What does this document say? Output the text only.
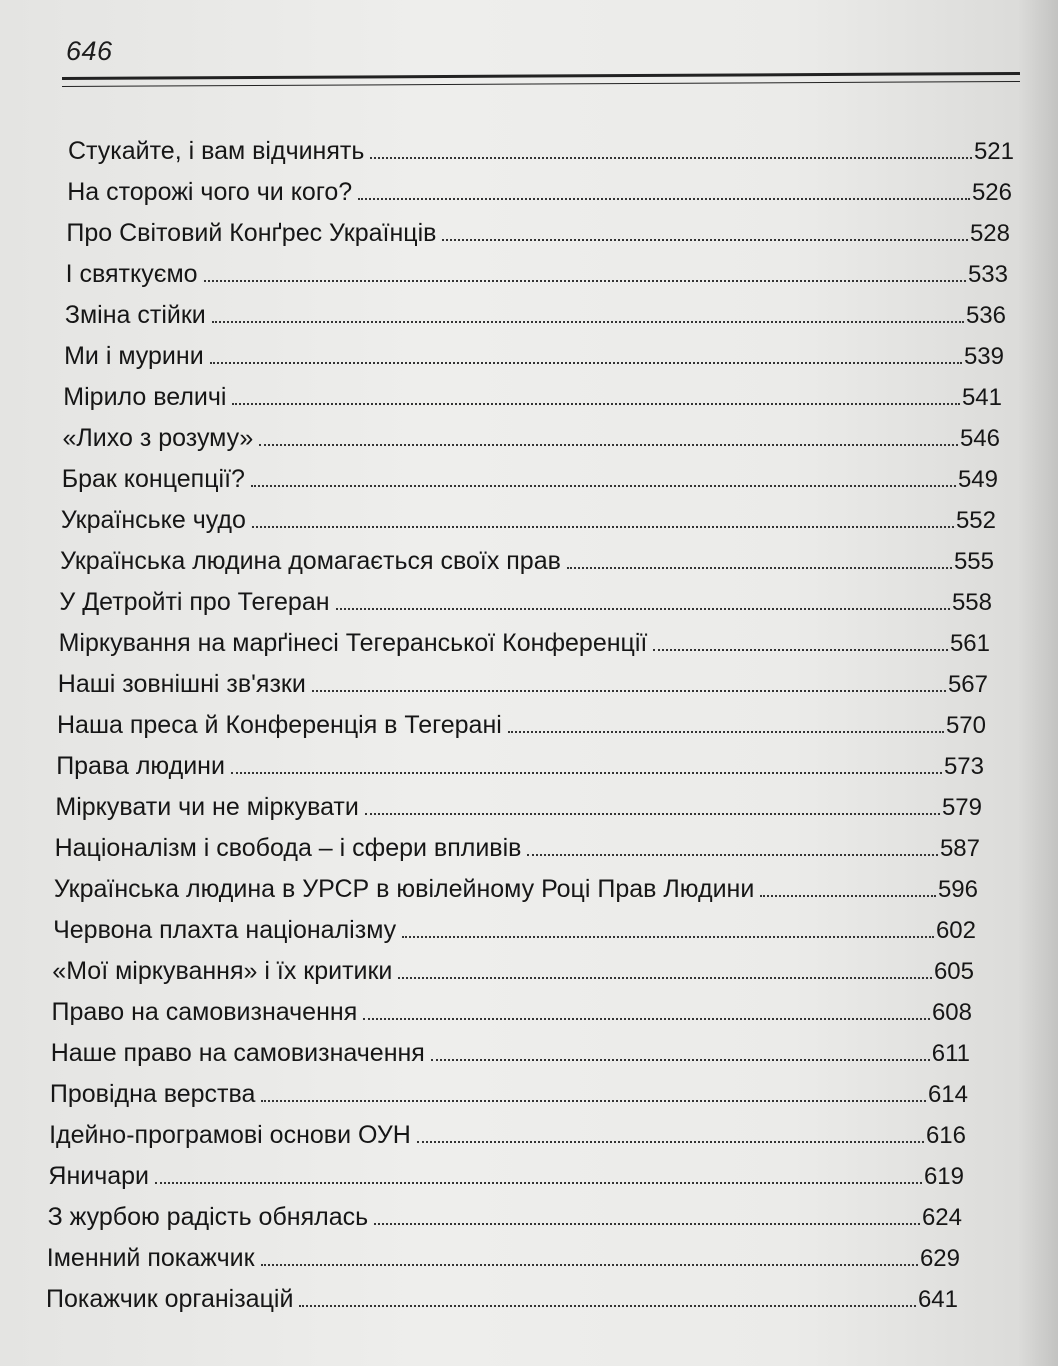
646
Стукайте, і вам відчинять	521
На сторожі чого чи кого?	526
Про Світовий Конґрес Українців	528
І святкуємо	533
Зміна стійки	536
Ми і мурини	539
Мірило величі	541
«Лихо з розуму»	546
Брак концепції?	549
Українське чудо	552
Українська людина домагається своїх прав	555
У Детройті про Тегеран	558
Міркування на марґінесі Тегеранської Конференції	561
Наші зовнішні зв'язки	567
Наша преса й Конференція в Тегерані	570
Права людини	573
Міркувати чи не міркувати	579
Націоналізм і свобода – і сфери впливів	587
Українська людина в УРСР в ювілейному Році Прав Людини	596
Червона плахта націоналізму	602
«Мої міркування» і їх критики	605
Право на самовизначення	608
Наше право на самовизначення	611
Провідна верства	614
Ідейно-програмові основи ОУН	616
Яничари	619
З журбою радість обнялась	624
Іменний покажчик	629
Покажчик організацій	641
